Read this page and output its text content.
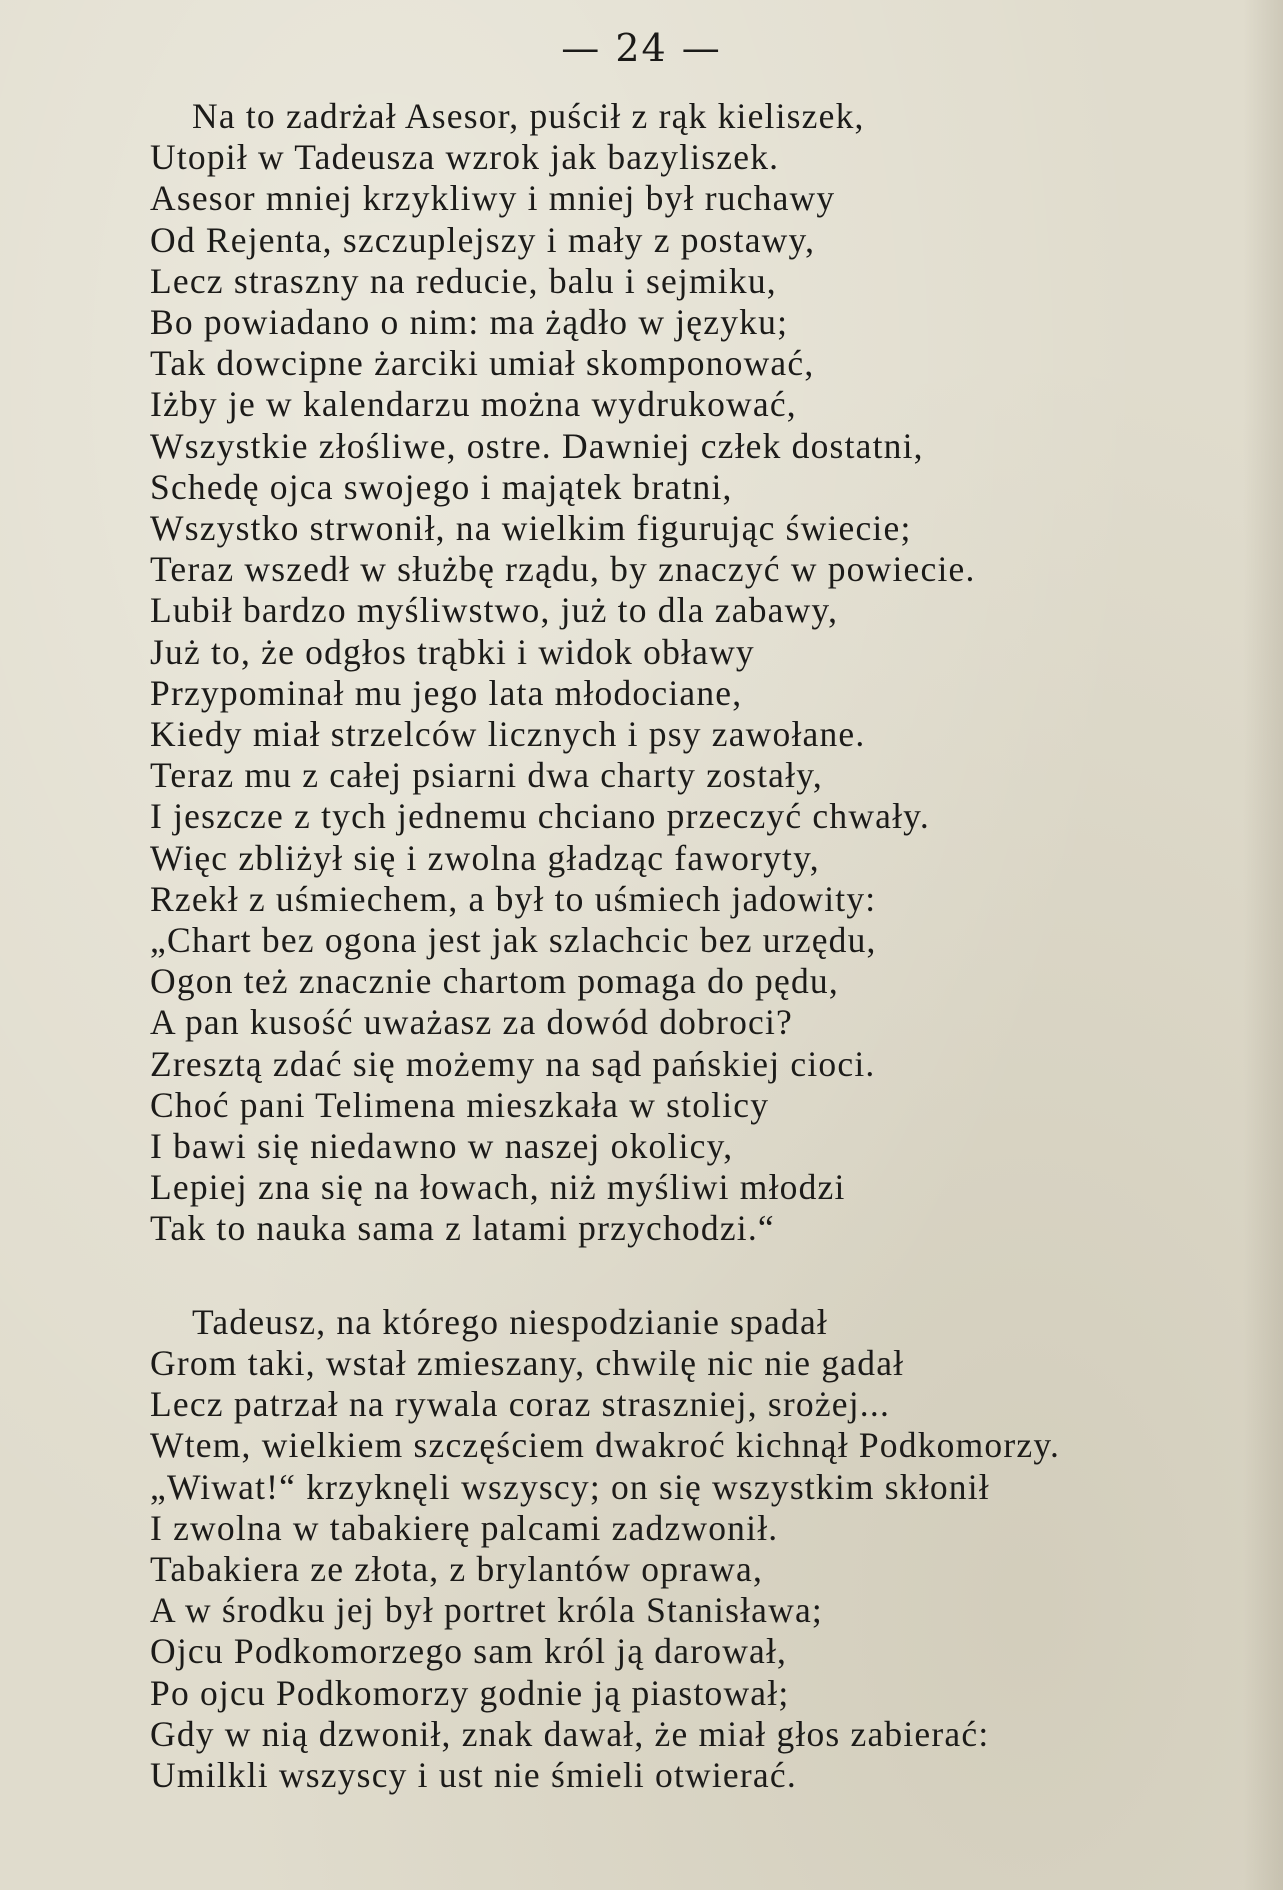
— 24 —

Na to zadrżał Asesor, puścił z rąk kieliszek,

Utopił w Tadeusza wzrok jak bazyliszek.

Asesor mniej krzykliwy i mniej był ruchawy

Od Rejenta, szczuplejszy i mały z postawy,

Lecz straszny na reducie, balu i sejmiku,

Bo powiadano o nim: ma żądło w języku;

Tak dowcipne żarciki umiał skomponować,

Iżby je w kalendarzu można wydrukować,

Wszystkie złośliwe, ostre. Dawniej człek dostatni,

Schedę ojca swojego i majątek bratni,

Wszystko strwonił, na wielkim figurując świecie;

Teraz wszedł w służbę rządu, by znaczyć w powiecie.

Lubił bardzo myśliwstwo, już to dla zabawy,

Już to, że odgłos trąbki i widok obławy

Przypominał mu jego lata młodociane,

Kiedy miał strzelców licznych i psy zawołane.

Teraz mu z całej psiarni dwa charty zostały,

I jeszcze z tych jednemu chciano przeczyć chwały.

Więc zbliżył się i zwolna gładząc faworyty,

Rzekł z uśmiechem, a był to uśmiech jadowity:

„Chart bez ogona jest jak szlachcic bez urzędu,

Ogon też znacznie chartom pomaga do pędu,

A pan kusość uważasz za dowód dobroci?

Zresztą zdać się możemy na sąd pańskiej cioci.

Choć pani Telimena mieszkała w stolicy

I bawi się niedawno w naszej okolicy,

Lepiej zna się na łowach, niż myśliwi młodzi

Tak to nauka sama z latami przychodzi.“

Tadeusz, na którego niespodzianie spadał

Grom taki, wstał zmieszany, chwilę nic nie gadał

Lecz patrzał na rywala coraz straszniej, srożej...

Wtem, wielkiem szczęściem dwakroć kichnął Podkomorzy.

„Wiwat!“ krzyknęli wszyscy; on się wszystkim skłonił

I zwolna w tabakierę palcami zadzwonił.

Tabakiera ze złota, z brylantów oprawa,

A w środku jej był portret króla Stanisława;

Ojcu Podkomorzego sam król ją darował,

Po ojcu Podkomorzy godnie ją piastował;

Gdy w nią dzwonił, znak dawał, że miał głos zabierać:

Umilkli wszyscy i ust nie śmieli otwierać.
